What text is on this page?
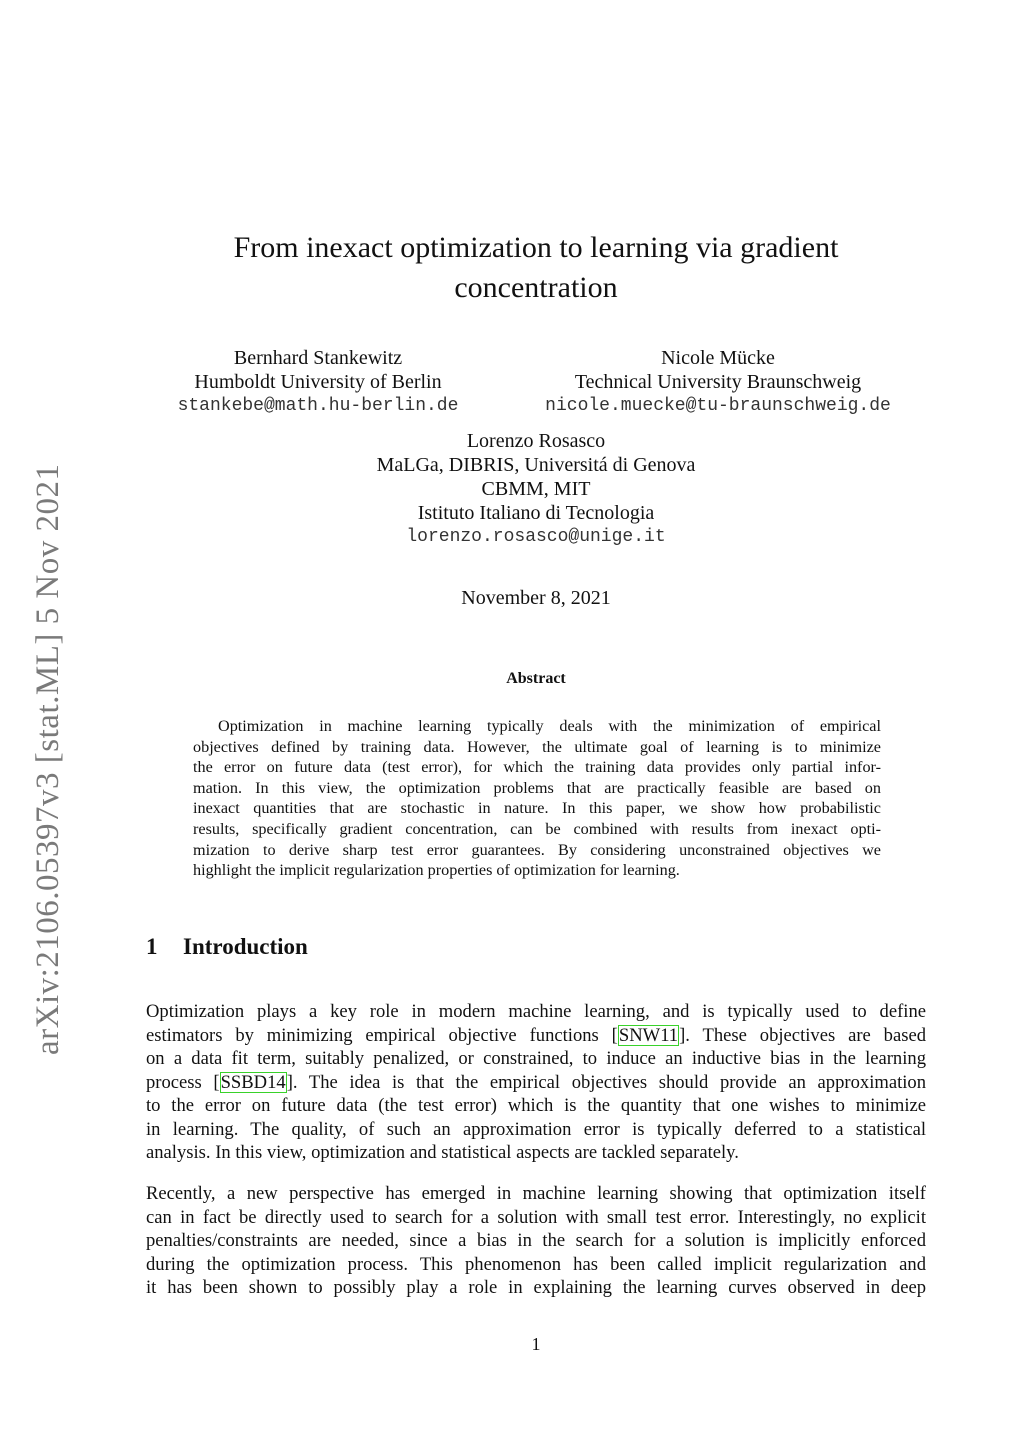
arXiv:2106.05397v3 [stat.ML] 5 Nov 2021
From inexact optimization to learning via gradient
concentration
Bernhard Stankewitz
Humboldt University of Berlin
stankebe@math.hu-berlin.de
Nicole Mücke
Technical University Braunschweig
nicole.muecke@tu-braunschweig.de
Lorenzo Rosasco
MaLGa, DIBRIS, Universitá di Genova
CBMM, MIT
Istituto Italiano di Tecnologia
lorenzo.rosasco@unige.it
November 8, 2021
Abstract
Optimization in machine learning typically deals with the minimization of empirical
objectives defined by training data. However, the ultimate goal of learning is to minimize
the error on future data (test error), for which the training data provides only partial infor-
mation. In this view, the optimization problems that are practically feasible are based on
inexact quantities that are stochastic in nature. In this paper, we show how probabilistic
results, specifically gradient concentration, can be combined with results from inexact opti-
mization to derive sharp test error guarantees. By considering unconstrained objectives we
highlight the implicit regularization properties of optimization for learning.
1 Introduction
Optimization plays a key role in modern machine learning, and is typically used to define
estimators by minimizing empirical objective functions [SNW11]. These objectives are based
on a data fit term, suitably penalized, or constrained, to induce an inductive bias in the learning
process [SSBD14]. The idea is that the empirical objectives should provide an approximation
to the error on future data (the test error) which is the quantity that one wishes to minimize
in learning. The quality, of such an approximation error is typically deferred to a statistical
analysis. In this view, optimization and statistical aspects are tackled separately.
Recently, a new perspective has emerged in machine learning showing that optimization itself
can in fact be directly used to search for a solution with small test error. Interestingly, no explicit
penalties/constraints are needed, since a bias in the search for a solution is implicitly enforced
during the optimization process. This phenomenon has been called implicit regularization and
it has been shown to possibly play a role in explaining the learning curves observed in deep
1
